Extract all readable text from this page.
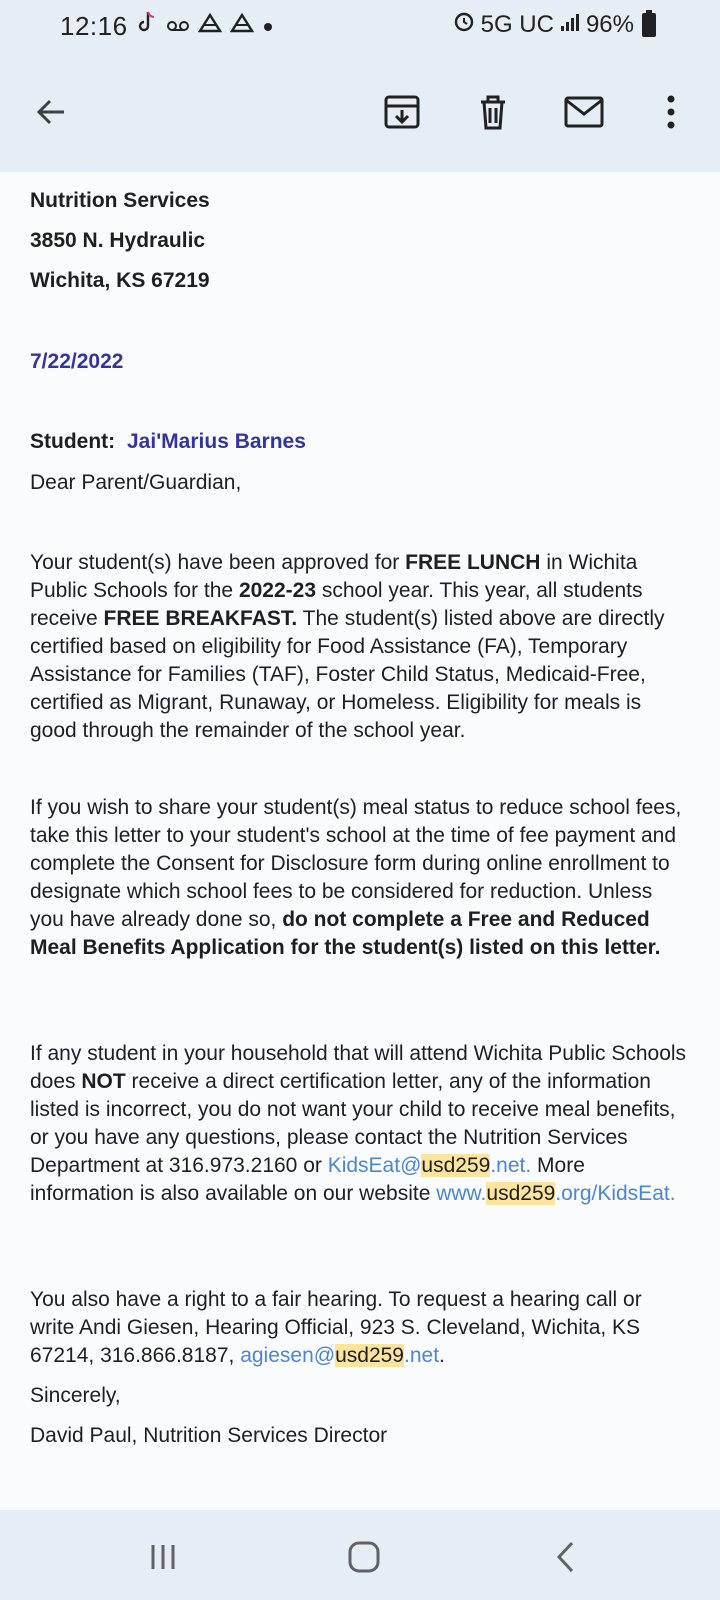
12:16	5G UC 96%
Nutrition Services
3850 N. Hydraulic
Wichita, KS 67219
7/22/2022
Student: Jai'Marius Barnes
Dear Parent/Guardian,
Your student(s) have been approved for FREE LUNCH in Wichita Public Schools for the 2022-23 school year. This year, all students receive FREE BREAKFAST. The student(s) listed above are directly certified based on eligibility for Food Assistance (FA), Temporary Assistance for Families (TAF), Foster Child Status, Medicaid-Free, certified as Migrant, Runaway, or Homeless. Eligibility for meals is good through the remainder of the school year.
If you wish to share your student(s) meal status to reduce school fees, take this letter to your student's school at the time of fee payment and complete the Consent for Disclosure form during online enrollment to designate which school fees to be considered for reduction. Unless you have already done so, do not complete a Free and Reduced Meal Benefits Application for the student(s) listed on this letter.
If any student in your household that will attend Wichita Public Schools does NOT receive a direct certification letter, any of the information listed is incorrect, you do not want your child to receive meal benefits, or you have any questions, please contact the Nutrition Services Department at 316.973.2160 or KidsEat@usd259.net. More information is also available on our website www.usd259.org/KidsEat.
You also have a right to a fair hearing. To request a hearing call or write Andi Giesen, Hearing Official, 923 S. Cleveland, Wichita, KS 67214, 316.866.8187, agiesen@usd259.net.
Sincerely,
David Paul, Nutrition Services Director
